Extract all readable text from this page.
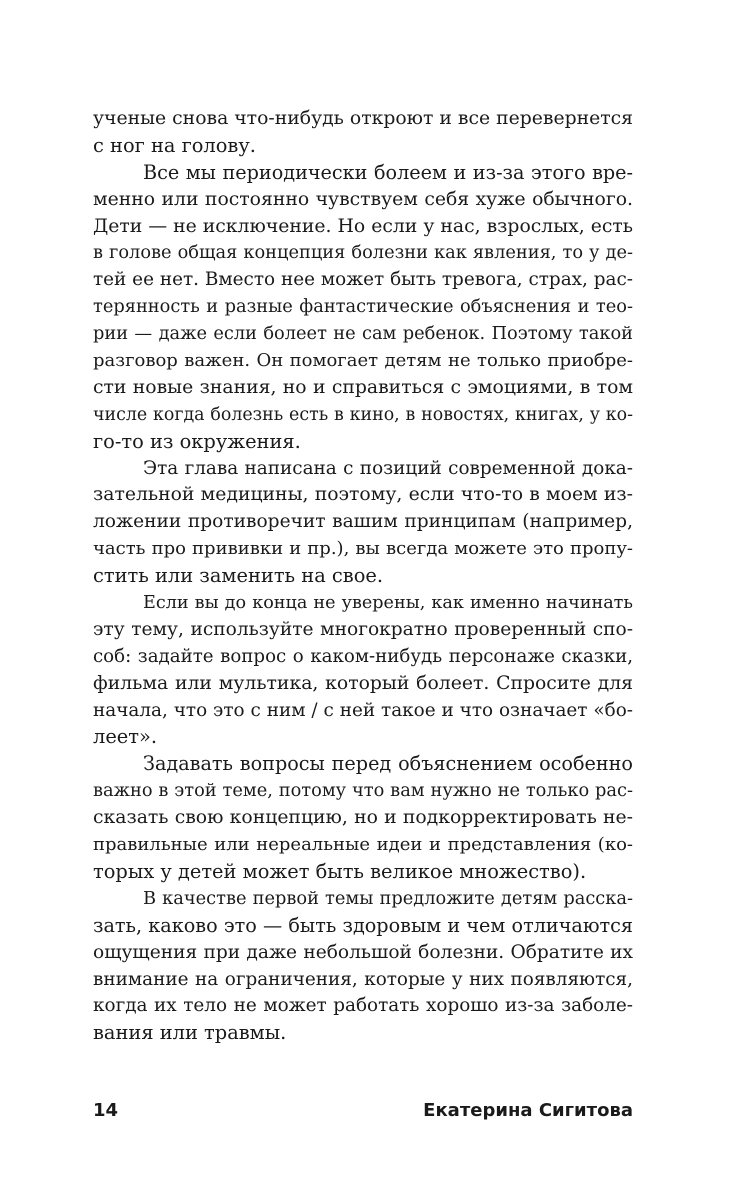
ученые снова что-нибудь откроют и все перевернется
с ног на голову.
Все мы периодически болеем и из-за этого вре-
менно или постоянно чувствуем себя хуже обычного.
Дети — не исключение. Но если у нас, взрослых, есть
в голове общая концепция болезни как явления, то у де-
тей ее нет. Вместо нее может быть тревога, страх, рас-
терянность и разные фантастические объяснения и тео-
рии — даже если болеет не сам ребенок. Поэтому такой
разговор важен. Он помогает детям не только приобре-
сти новые знания, но и справиться с эмоциями, в том
числе когда болезнь есть в кино, в новостях, книгах, у ко-
го-то из окружения.
Эта глава написана с позиций современной дока-
зательной медицины, поэтому, если что-то в моем из-
ложении противоречит вашим принципам (например,
часть про прививки и пр.), вы всегда можете это пропу-
стить или заменить на свое.
Если вы до конца не уверены, как именно начинать
эту тему, используйте многократно проверенный спо-
соб: задайте вопрос о каком-нибудь персонаже сказки,
фильма или мультика, который болеет. Спросите для
начала, что это с ним / с ней такое и что означает «бо-
леет».
Задавать вопросы перед объяснением особенно
важно в этой теме, потому что вам нужно не только рас-
сказать свою концепцию, но и подкорректировать не-
правильные или нереальные идеи и представления (ко-
торых у детей может быть великое множество).
В качестве первой темы предложите детям расска-
зать, каково это — быть здоровым и чем отличаются
ощущения при даже небольшой болезни. Обратите их
внимание на ограничения, которые у них появляются,
когда их тело не может работать хорошо из-за заболе-
вания или травмы.
14	Екатерина Сигитова
